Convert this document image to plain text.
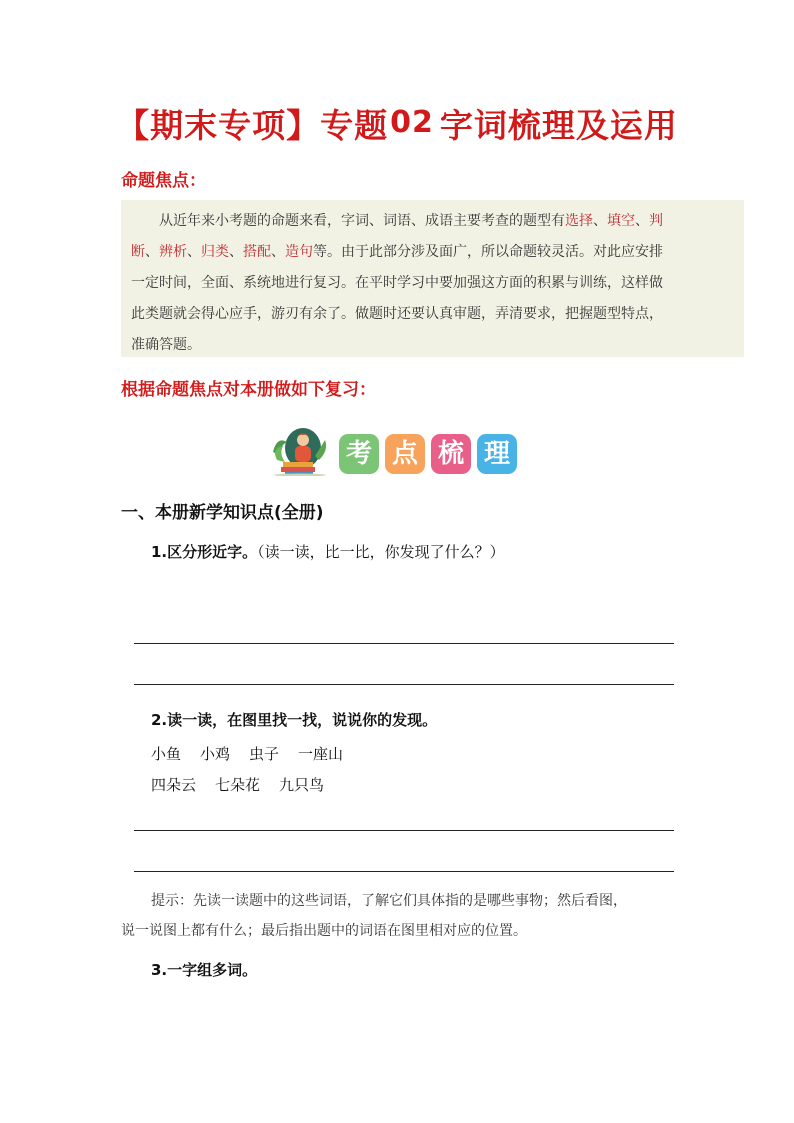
【期末专项】专题02 字词梳理及运用
命题焦点：
从近年来小考题的命题来看，字词、词语、成语主要考查的题型有选择、填空、判
断、辨析、归类、搭配、造句等。由于此部分涉及面广，所以命题较灵活。对此应安排
一定时间，全面、系统地进行复习。在平时学习中要加强这方面的积累与训练，这样做
此类题就会得心应手，游刃有余了。做题时还要认真审题，弄清要求，把握题型特点，
准确答题。
根据命题焦点对本册做如下复习：
考 点 梳 理
一、本册新学知识点(全册)
1.区分形近字。（读一读，比一比，你发现了什么？）
2.读一读，在图里找一找，说说你的发现。
小鱼 小鸡 虫子 一座山
四朵云 七朵花 九只鸟
提示：先读一读题中的这些词语，了解它们具体指的是哪些事物；然后看图，
说一说图上都有什么；最后指出题中的词语在图里相对应的位置。
3.一字组多词。
